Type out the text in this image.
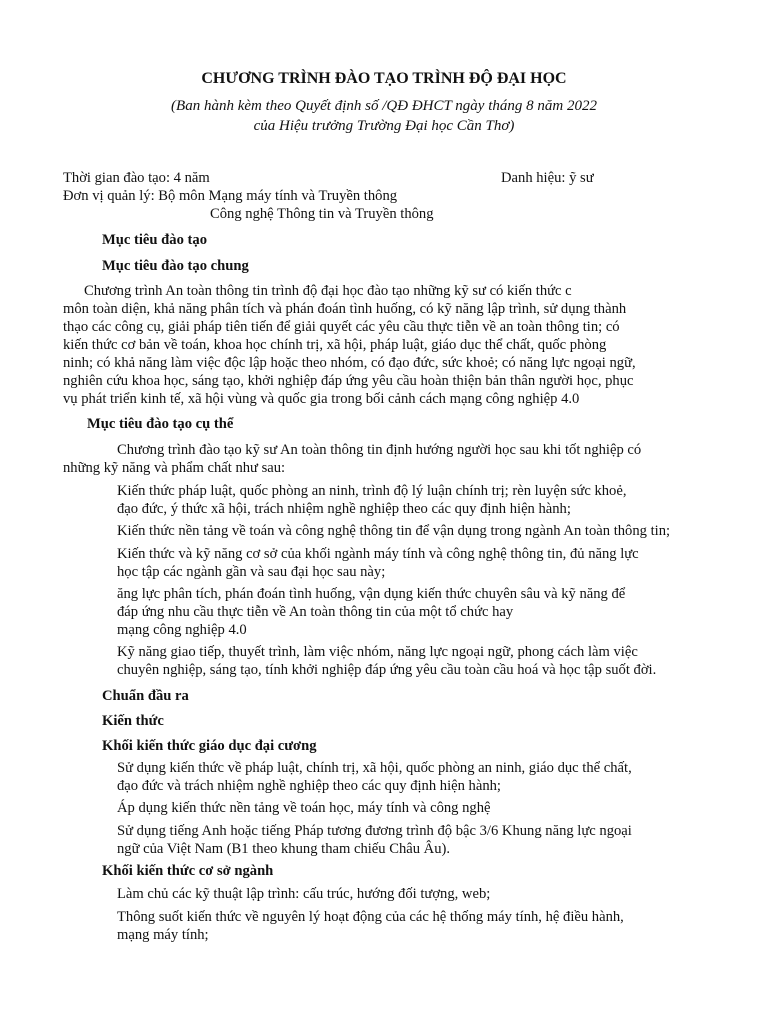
CHƯƠNG TRÌNH ĐÀO TẠO TRÌNH ĐỘ ĐẠI HỌC
(Ban hành kèm theo Quyết định số /QĐ ĐHCT ngày tháng 8 năm 2022
của Hiệu trưởng Trường Đại học Cần Thơ)
Thời gian đào tạo: 4 năm	Danh hiệu: ỹ sư
Đơn vị quản lý: Bộ môn Mạng máy tính và Truyền thông
Công nghệ Thông tin và Truyền thông
Mục tiêu đào tạo
Mục tiêu đào tạo chung
Chương trình An toàn thông tin trình độ đại học đào tạo những kỹ sư có kiến thức c
môn toàn diện, khả năng phân tích và phán đoán tình huống, có kỹ năng lập trình, sử dụng thành
thạo các công cụ, giải pháp tiên tiến để giải quyết các yêu cầu thực tiễn về an toàn thông tin; có
kiến thức cơ bản về toán, khoa học chính trị, xã hội, pháp luật, giáo dục thể chất, quốc phòng
ninh; có khả năng làm việc độc lập hoặc theo nhóm, có đạo đức, sức khoẻ; có năng lực ngoại ngữ,
nghiên cứu khoa học, sáng tạo, khởi nghiệp đáp ứng yêu cầu hoàn thiện bản thân người học, phục
vụ phát triển kinh tế, xã hội vùng và quốc gia trong bối cảnh cách mạng công nghiệp 4.0
Mục tiêu đào tạo cụ thể
Chương trình đào tạo kỹ sư An toàn thông tin định hướng người học sau khi tốt nghiệp có
những kỹ năng và phẩm chất như sau:
Kiến thức pháp luật, quốc phòng an ninh, trình độ lý luận chính trị; rèn luyện sức khoẻ,
đạo đức, ý thức xã hội, trách nhiệm nghề nghiệp theo các quy định hiện hành;
Kiến thức nền tảng về toán và công nghệ thông tin để vận dụng trong ngành An toàn thông tin;
Kiến thức và kỹ năng cơ sở của khối ngành máy tính và công nghệ thông tin, đủ năng lực
học tập các ngành gần và sau đại học sau này;
ăng lực phân tích, phán đoán tình huống, vận dụng kiến thức chuyên sâu và kỹ năng để
đáp ứng nhu cầu thực tiễn về An toàn thông tin của một tổ chức hay
mạng công nghiệp 4.0
Kỹ năng giao tiếp, thuyết trình, làm việc nhóm, năng lực ngoại ngữ, phong cách làm việc
chuyên nghiệp, sáng tạo, tính khởi nghiệp đáp ứng yêu cầu toàn cầu hoá và học tập suốt đời.
Chuẩn đầu ra
Kiến thức
Khối kiến thức giáo dục đại cương
Sử dụng kiến thức về pháp luật, chính trị, xã hội, quốc phòng an ninh, giáo dục thể chất,
đạo đức và trách nhiệm nghề nghiệp theo các quy định hiện hành;
Áp dụng kiến thức nền tảng về toán học, máy tính và công nghệ
Sử dụng tiếng Anh hoặc tiếng Pháp tương đương trình độ bậc 3/6 Khung năng lực ngoại
ngữ của Việt Nam (B1 theo khung tham chiếu Châu Âu).
Khối kiến thức cơ sở ngành
Làm chủ các kỹ thuật lập trình: cấu trúc, hướng đối tượng, web;
Thông suốt kiến thức về nguyên lý hoạt động của các hệ thống máy tính, hệ điều hành,
mạng máy tính;
